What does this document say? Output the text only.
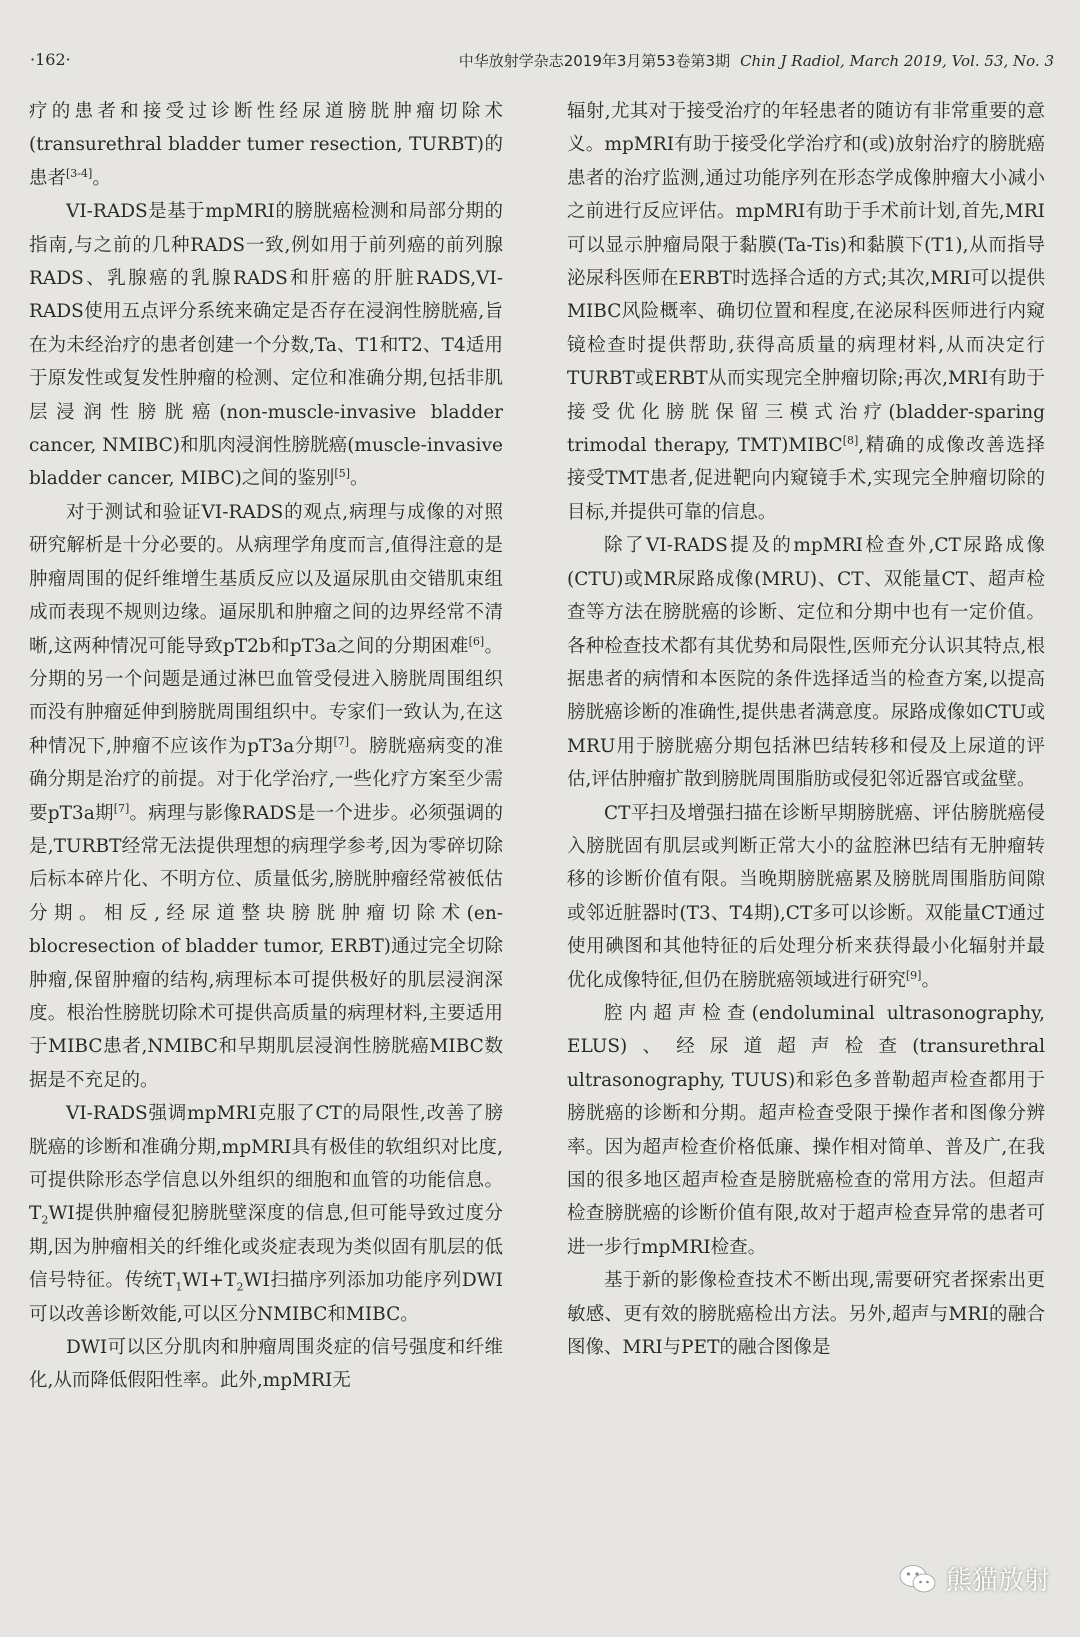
·162·	中华放射学杂志2019年3月第53卷第3期 Chin J Radiol, March 2019, Vol. 53, No. 3

疗的患者和接受过诊断性经尿道膀胱肿瘤切除术(transurethral bladder tumer resection, TURBT)的患者[3-4]。

VI-RADS是基于mpMRI的膀胱癌检测和局部分期的指南,与之前的几种RADS一致,例如用于前列癌的前列腺RADS、乳腺癌的乳腺RADS和肝癌的肝脏RADS,VI-RADS使用五点评分系统来确定是否存在浸润性膀胱癌,旨在为未经治疗的患者创建一个分数,Ta、T1和T2、T4适用于原发性或复发性肿瘤的检测、定位和准确分期,包括非肌层浸润性膀胱癌(non-muscle-invasive bladder cancer, NMIBC)和肌肉浸润性膀胱癌(muscle-invasive bladder cancer, MIBC)之间的鉴别[5]。

对于测试和验证VI-RADS的观点,病理与成像的对照研究解析是十分必要的。从病理学角度而言,值得注意的是肿瘤周围的促纤维增生基质反应以及逼尿肌由交错肌束组成而表现不规则边缘。逼尿肌和肿瘤之间的边界经常不清晰,这两种情况可能导致pT2b和pT3a之间的分期困难[6]。分期的另一个问题是通过淋巴血管受侵进入膀胱周围组织而没有肿瘤延伸到膀胱周围组织中。专家们一致认为,在这种情况下,肿瘤不应该作为pT3a分期[7]。膀胱癌病变的准确分期是治疗的前提。对于化学治疗,一些化疗方案至少需要pT3a期[7]。病理与影像RADS是一个进步。必须强调的是,TURBT经常无法提供理想的病理学参考,因为零碎切除后标本碎片化、不明方位、质量低劣,膀胱肿瘤经常被低估分期。相反,经尿道整块膀胱肿瘤切除术(en-blocresection of bladder tumor, ERBT)通过完全切除肿瘤,保留肿瘤的结构,病理标本可提供极好的肌层浸润深度。根治性膀胱切除术可提供高质量的病理材料,主要适用于MIBC患者,NMIBC和早期肌层浸润性膀胱癌MIBC数据是不充足的。

VI-RADS强调mpMRI克服了CT的局限性,改善了膀胱癌的诊断和准确分期,mpMRI具有极佳的软组织对比度,可提供除形态学信息以外组织的细胞和血管的功能信息。$T_2WI$提供肿瘤侵犯膀胱壁深度的信息,但可能导致过度分期,因为肿瘤相关的纤维化或炎症表现为类似固有肌层的低信号特征。传统$T_1WI+T_2WI$扫描序列添加功能序列DWI可以改善诊断效能,可以区分NMIBC和MIBC。

DWI可以区分肌肉和肿瘤周围炎症的信号强度和纤维化,从而降低假阳性率。此外,mpMRI无

辐射,尤其对于接受治疗的年轻患者的随访有非常重要的意义。mpMRI有助于接受化学治疗和(或)放射治疗的膀胱癌患者的治疗监测,通过功能序列在形态学成像肿瘤大小减小之前进行反应评估。mpMRI有助于手术前计划,首先,MRI可以显示肿瘤局限于黏膜(Ta-Tis)和黏膜下(T1),从而指导泌尿科医师在ERBT时选择合适的方式;其次,MRI可以提供MIBC风险概率、确切位置和程度,在泌尿科医师进行内窥镜检查时提供帮助,获得高质量的病理材料,从而决定行TURBT或ERBT从而实现完全肿瘤切除;再次,MRI有助于接受优化膀胱保留三模式治疗(bladder-sparing trimodal therapy, TMT)MIBC[8],精确的成像改善选择接受TMT患者,促进靶向内窥镜手术,实现完全肿瘤切除的目标,并提供可靠的信息。

除了VI-RADS提及的mpMRI检查外,CT尿路成像(CTU)或MR尿路成像(MRU)、CT、双能量CT、超声检查等方法在膀胱癌的诊断、定位和分期中也有一定价值。各种检查技术都有其优势和局限性,医师充分认识其特点,根据患者的病情和本医院的条件选择适当的检查方案,以提高膀胱癌诊断的准确性,提供患者满意度。尿路成像如CTU或MRU用于膀胱癌分期包括淋巴结转移和侵及上尿道的评估,评估肿瘤扩散到膀胱周围脂肪或侵犯邻近器官或盆壁。

CT平扫及增强扫描在诊断早期膀胱癌、评估膀胱癌侵入膀胱固有肌层或判断正常大小的盆腔淋巴结有无肿瘤转移的诊断价值有限。当晚期膀胱癌累及膀胱周围脂肪间隙或邻近脏器时(T3、T4期),CT多可以诊断。双能量CT通过使用碘图和其他特征的后处理分析来获得最小化辐射并最优化成像特征,但仍在膀胱癌领域进行研究[9]。

腔内超声检查(endoluminal ultrasonography, ELUS)、经尿道超声检查(transurethral ultrasonography, TUUS)和彩色多普勒超声检查都用于膀胱癌的诊断和分期。超声检查受限于操作者和图像分辨率。因为超声检查价格低廉、操作相对简单、普及广,在我国的很多地区超声检查是膀胱癌检查的常用方法。但超声检查膀胱癌的诊断价值有限,故对于超声检查异常的患者可进一步行mpMRI检查。

基于新的影像检查技术不断出现,需要研究者探索出更敏感、更有效的膀胱癌检出方法。另外,超声与MRI的融合图像、MRI与PET的融合图像是

熊猫放射
